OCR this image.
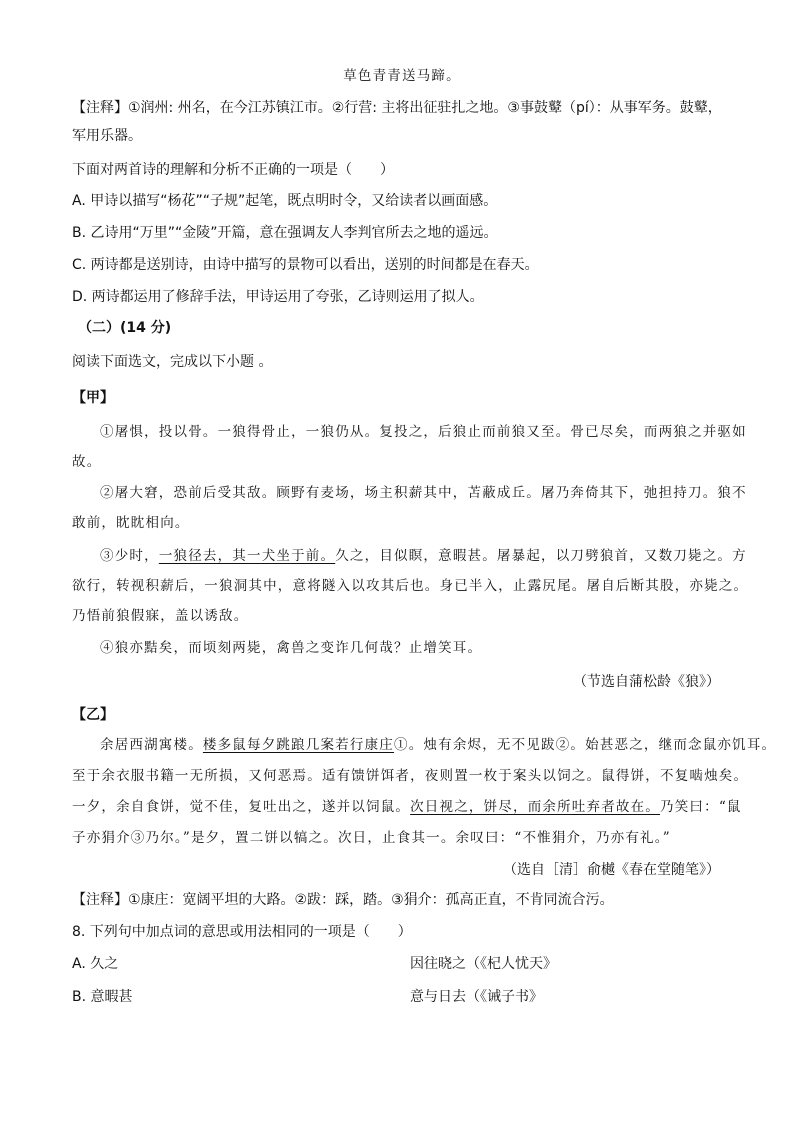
草色青青送马蹄。
【注释】①润州: 州名，在今江苏镇江市。②行营: 主将出征驻扎之地。③事鼓鼙（pí）：从事军务。鼓鼙，
军用乐器。
下面对两首诗的理解和分析不正确的一项是（　　）
A. 甲诗以描写“杨花”“子规”起笔，既点明时令，又给读者以画面感。
B. 乙诗用“万里”“金陵”开篇，意在强调友人李判官所去之地的遥远。
C. 两诗都是送别诗，由诗中描写的景物可以看出，送别的时间都是在春天。
D. 两诗都运用了修辞手法，甲诗运用了夸张，乙诗则运用了拟人。
（二）(14 分)
阅读下面选文，完成以下小题 。
【甲】
①屠惧，投以骨。一狼得骨止，一狼仍从。复投之，后狼止而前狼又至。骨已尽矣，而两狼之并驱如
故。
②屠大窘，恐前后受其敌。顾野有麦场，场主积薪其中，苫蔽成丘。屠乃奔倚其下，弛担持刀。狼不
敢前，眈眈相向。
③少时，一狼径去，其一犬坐于前。久之，目似瞑，意暇甚。屠暴起，以刀劈狼首，又数刀毙之。方
欲行，转视积薪后，一狼洞其中，意将隧入以攻其后也。身已半入，止露尻尾。屠自后断其股，亦毙之。
乃悟前狼假寐，盖以诱敌。
④狼亦黠矣，而顷刻两毙，禽兽之变诈几何哉？止增笑耳。
（节选自蒲松龄《狼》）
【乙】
余居西湖寓楼。楼多鼠每夕跳踉几案若行康庄①。烛有余烬，无不见跋②。始甚恶之，继而念鼠亦饥耳。
至于余衣服书籍一无所损，又何恶焉。适有馈饼饵者，夜则置一枚于案头以饲之。鼠得饼，不复啮烛矣。
一夕，余自食饼，觉不佳，复吐出之，遂并以饲鼠。次日视之，饼尽，而余所吐弃者故在。乃笑曰：“鼠
子亦狷介③乃尔。”是夕，置二饼以犒之。次日，止食其一。余叹曰：“不惟狷介，乃亦有礼。”
（选自［清］俞樾《春在堂随笔》）
【注释】①康庄：宽阔平坦的大路。②跋：踩，踏。③狷介：孤高正直，不肯同流合污。
8. 下列句中加点词的意思或用法相同的一项是（　　）
A. 久之	因往晓之（《杞人忧天》
B. 意暇甚	意与日去（《诫子书》
